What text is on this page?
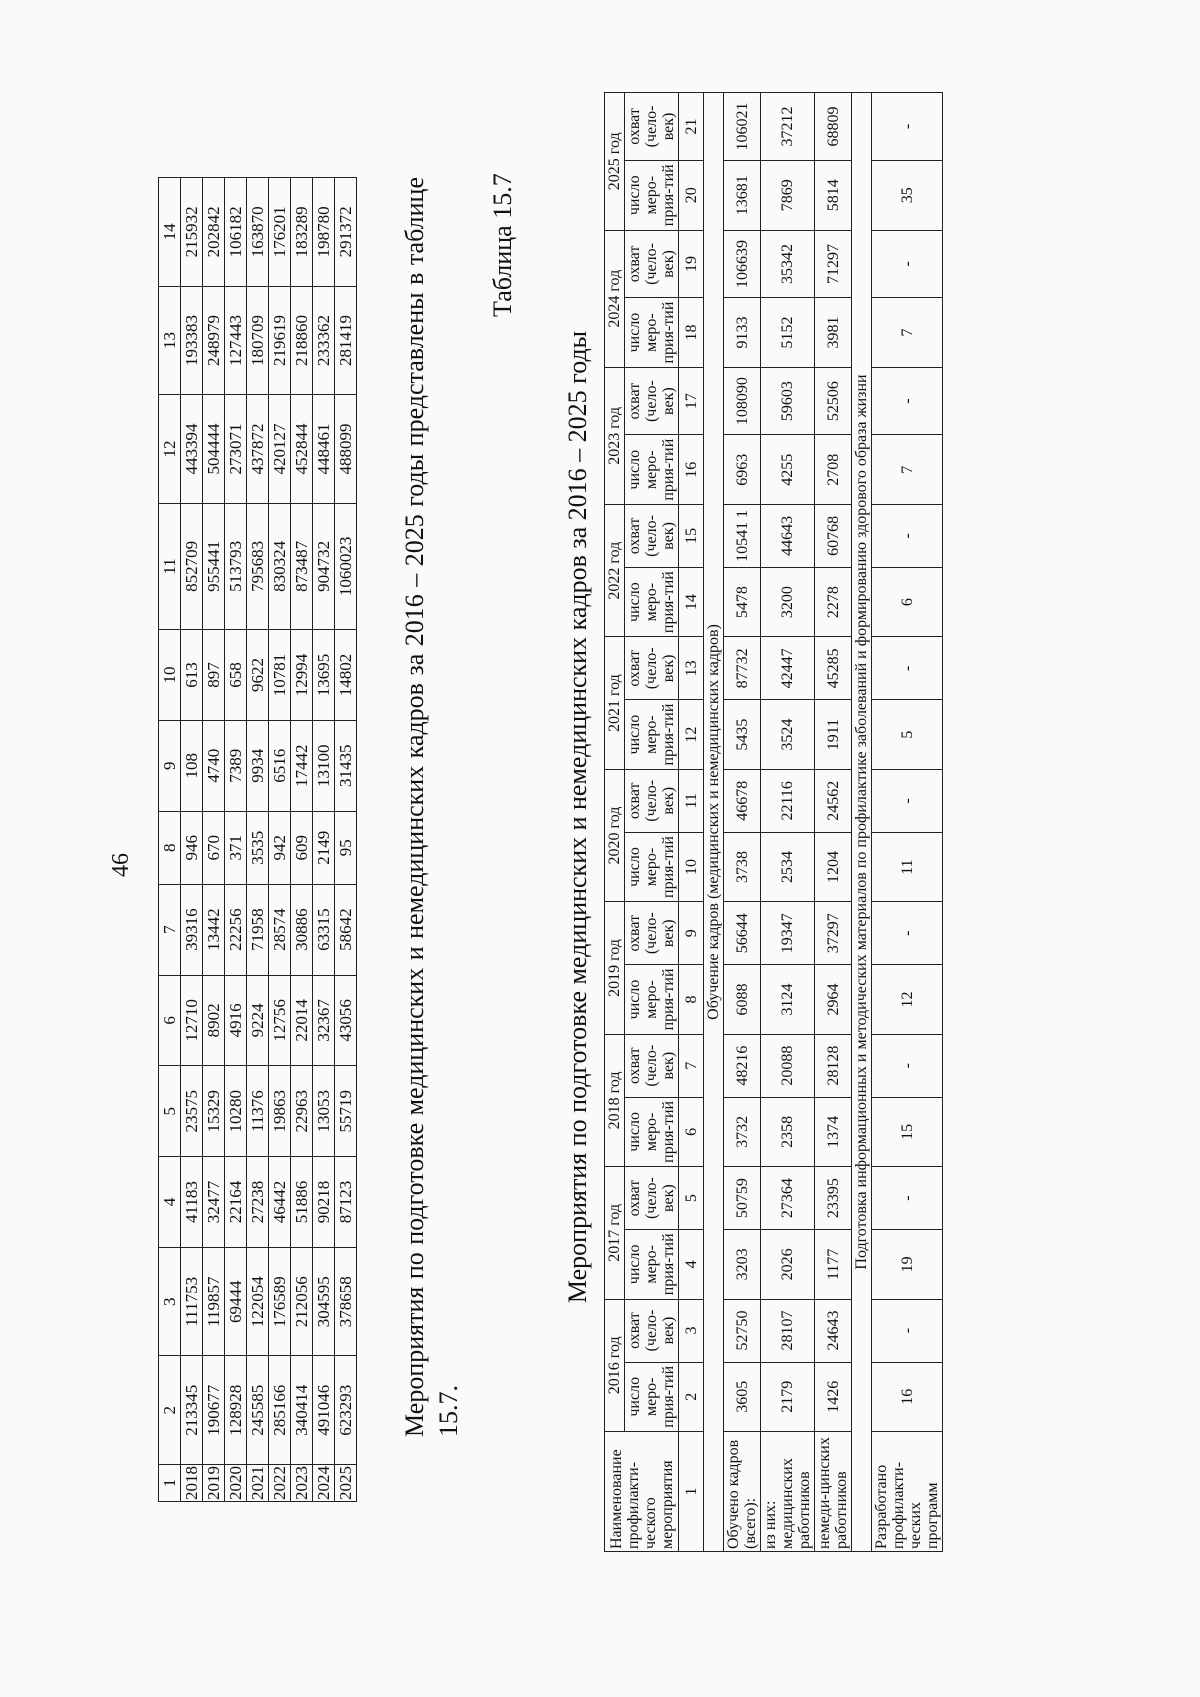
46
1	2	3	4	5	6	7	8	9	10	11	12	13	14
2018	213345	111753	41183	23575	12710	39316	946	108	613	852709	443394	193383	215932
2019	190677	119857	32477	15329	8902	13442	670	4740	897	955441	504444	248979	202842
2020	128928	69444	22164	10280	4916	22256	371	7389	658	513793	273071	127443	106182
2021	245585	122054	27238	11376	9224	71958	3535	9934	9622	795683	437872	180709	163870
2022	285166	176589	46442	19863	12756	28574	942	6516	10781	830324	420127	219619	176201
2023	340414	212056	51886	22963	22014	30886	609	17442	12994	873487	452844	218860	183289
2024	491046	304595	90218	13053	32367	63315	2149	13100	13695	904732	448461	233362	198780
2025	623293	378658	87123	55719	43056	58642	95	31435	14802	1060023	488099	281419	291372 Мероприятия по подготовке медицинских и немедицинских кадров за 2016 – 2025 годы представлены в таблице 15.7.
Таблица 15.7
Мероприятия по подготовке медицинских и немедицинских кадров за 2016 – 2025 годы
Наименование профилакти-ческого мероприятия	2016 год		2017 год		2018 год		2019 год		2020 год		2021 год		2022 год		2023 год		2024 год		2025 год	
	число меро-прия-тий	охват (чело-век)	число меро-прия-тий	охват (чело-век)	число меро-прия-тий	охват (чело-век)	число меро-прия-тий	охват (чело-век)	число меро-прия-тий	охват (чело-век)	число меро-прия-тий	охват (чело-век)	число меро-прия-тий	охват (чело-век)	число меро-прия-тий	охват (чело-век)	число меро-прия-тий	охват (чело-век)	число меро-прия-тий	охват (чело-век)
1	2	3	4	5	6	7	8	9	10	11	12	13	14	15	16	17	18	19	20	21
Обучение кадров (медицинских и немедицинских кадров)																				
Обучено кадров (всего):	3605	52750	3203	50759	3732	48216	6088	56644	3738	46678	5435	87732	5478	10541 1	6963	108090	9133	106639	13681	106021
из них: медицинских работников	2179	28107	2026	27364	2358	20088	3124	19347	2534	22116	3524	42447	3200	44643	4255	59603	5152	35342	7869	37212
немеди-цинских работников	1426	24643	1177	23395	1374	28128	2964	37297	1204	24562	1911	45285	2278	60768	2708	52506	3981	71297	5814	68809
Подготовка информационных и методических материалов по профилактике заболеваний и формированию здорового образа жизни																				
Разработано профилакти-ческих программ	16	-	19	-	15	-	12	-	11	-	5	-	6	-	7	-	7	-	35	-
